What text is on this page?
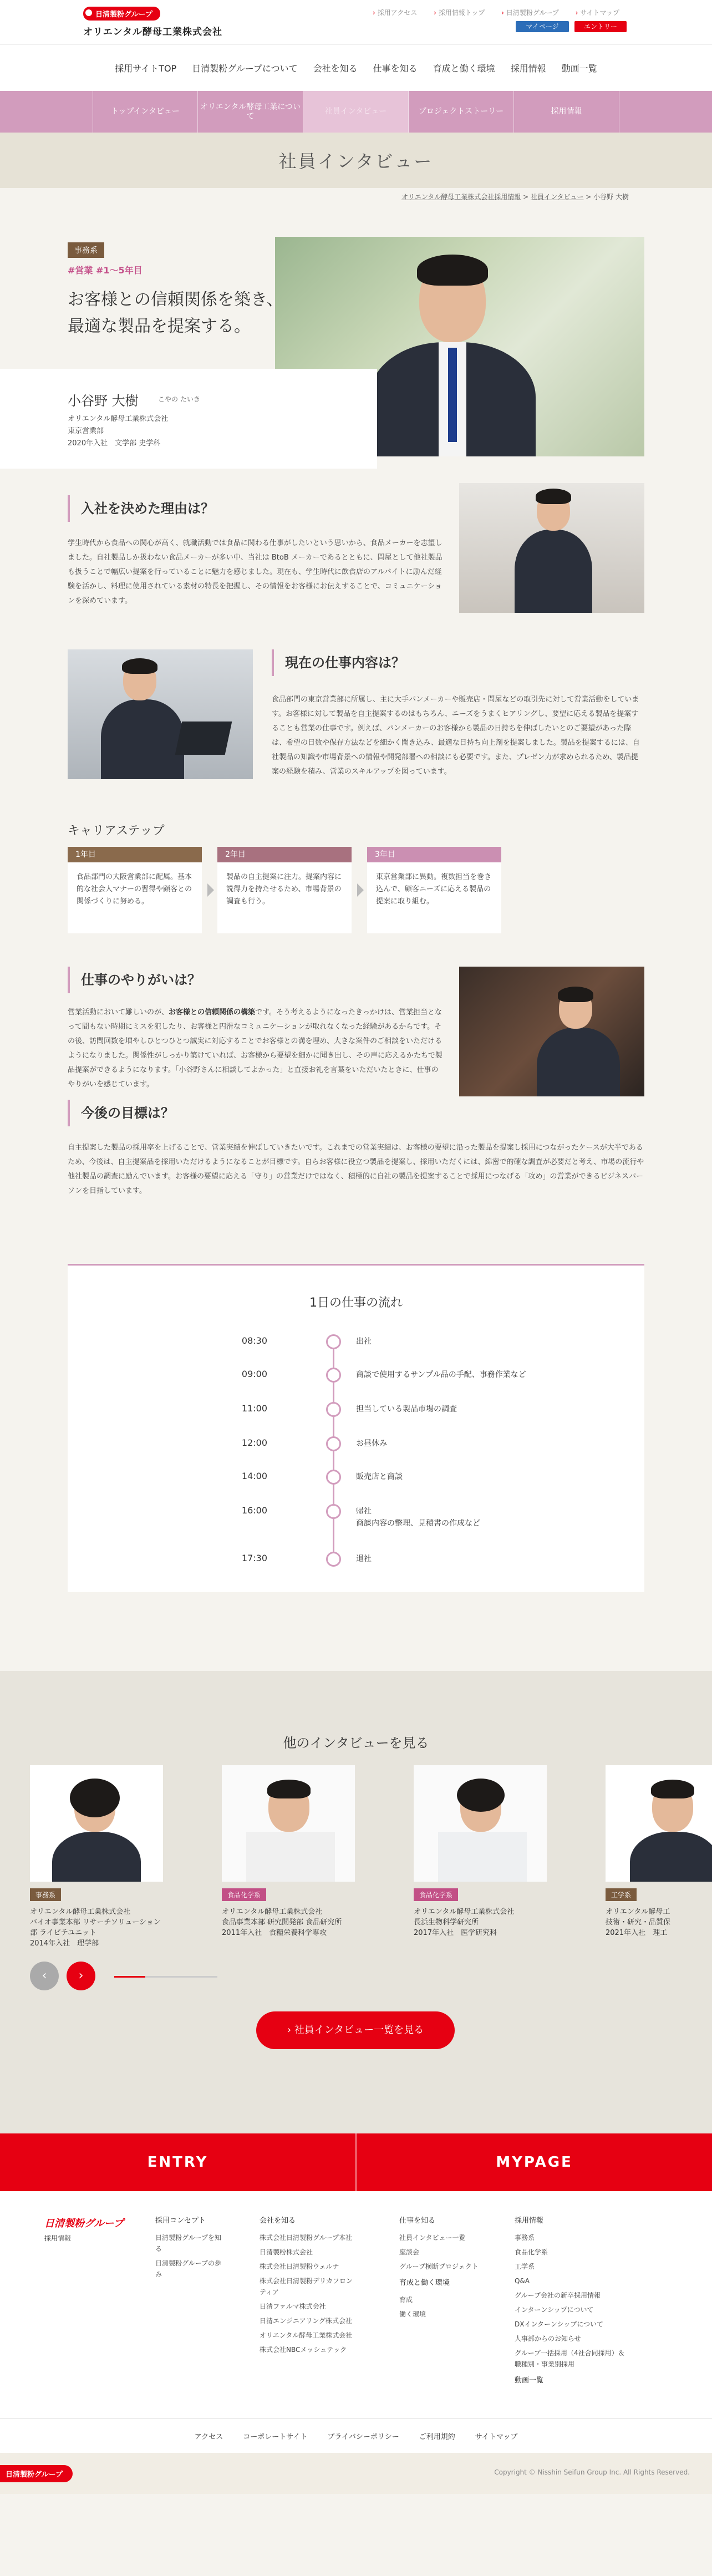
日清製粉グループ
オリエンタル酵母工業株式会社
› 採用アクセス	› 採用情報トップ	› 日清製粉グループ	› サイトマップ
マイページ	エントリー
採用サイトTOP	日清製粉グループについて	会社を知る	仕事を知る	育成と働く環境	採用情報	動画一覧
トップインタビュー
オリエンタル酵母工業について
社員インタビュー	プロジェクトストーリー	採用情報
社員インタビュー
オリエンタル酵母工業株式会社採用情報 > 社員インタビュー > 小谷野 大樹
事務系
#営業 #1〜5年目
お客様との信頼関係を築き、
最適な製品を提案する。
小谷野 大樹	こやの たいき
オリエンタル酵母工業株式会社
東京営業部
2020年入社　文学部 史学科
入社を決めた理由は？

学生時代から食品への関心が高く、就職活動では食品に関わる仕事がしたいという思いから、食品メーカーを志望しました。自社製品しか扱わない食品メーカーが多い中、当社は BtoB メーカーであるとともに、問屋として他社製品も扱うことで幅広い提案を行っていることに魅力を感じました。現在も、学生時代に飲食店のアルバイトに励んだ経験を活かし、料理に使用されている素材の特長を把握し、その情報をお客様にお伝えすることで、コミュニケーションを深めています。

現在の仕事内容は？

食品部門の東京営業部に所属し、主に大手パンメーカーや販売店・問屋などの取引先に対して営業活動をしています。お客様に対して製品を自主提案するのはもちろん、ニーズをうまくヒアリングし、要望に応える製品を提案することも営業の仕事です。例えば、パンメーカーのお客様から製品の日持ちを伸ばしたいとのご要望があった際は、希望の日数や保存方法などを細かく聞き込み、最適な日持ち向上剤を提案しました。製品を提案するには、自社製品の知識や市場背景への情報や開発部署への相談にも必要です。また、プレゼン力が求められるため、製品提案の経験を積み、営業のスキルアップを図っています。

キャリアステップ
1年目
食品部門の大阪営業部に配属。基本的な社会人マナーの習得や顧客との関係づくりに努める。
2年目
製品の自主提案に注力。提案内容に説得力を持たせるため、市場背景の調査も行う。
3年目
東京営業部に異動。複数担当を巻き込んで、顧客ニーズに応える製品の提案に取り組む。
仕事のやりがいは？

営業活動において難しいのが、お客様との信頼関係の構築です。そう考えるようになったきっかけは、営業担当となって間もない時期にミスを犯したり、お客様と円滑なコミュニケーションが取れなくなった経験があるからです。その後、訪問回数を増やしひとつひとつ誠実に対応することでお客様との溝を埋め、大きな案件のご相談をいただけるようになりました。関係性がしっかり築けていれば、お客様から要望を細かに聞き出し、その声に応えるかたちで製品提案ができるようになります。「小谷野さんに相談してよかった」と直接お礼を言葉をいただいたときに、仕事のやりがいを感じています。

今後の目標は？

自主提案した製品の採用率を上げることで、営業実績を伸ばしていきたいです。これまでの営業実績は、お客様の要望に沿った製品を提案し採用につながったケースが大半であるため、今後は、自主提案品を採用いただけるようになることが目標です。自らお客様に役立つ製品を提案し、採用いただくには、綿密で的確な調査が必要だと考え、市場の流行や他社製品の調査に励んでいます。お客様の要望に応える「守り」の営業だけではなく、積極的に自社の製品を提案することで採用につなげる「攻め」の営業ができるビジネスパーソンを目指しています。

1日の仕事の流れ
08:30	出社
09:00	商談で使用するサンプル品の手配、事務作業など
11:00	担当している製品市場の調査
12:00	お昼休み
14:00	販売店と商談
16:00	帰社
商談内容の整理、見積書の作成など
17:30	退社
他のインタビューを見る
事務系
オリエンタル酵母工業株式会社
バイオ事業本部 リサーチソリューション部 ライビテユニット
2014年入社　理学部
食品化学系
オリエンタル酵母工業株式会社
食品事業本部 研究開発部 食品研究所
2011年入社　食糧栄養科学専攻
食品化学系
オリエンタル酵母工業株式会社
長浜生物科学研究所
2017年入社　医学研究科
工学系
オリエンタル酵母工
技術・研究・品質保
2021年入社　理工
‹	›
› 社員インタビュー一覧を見る
ENTRY	MYPAGE
日清製粉グループ
採用情報
採用コンセプト
日清製粉グループを知る
日清製粉グループの歩み
会社を知る
株式会社日清製粉グループ本社
日清製粉株式会社
株式会社日清製粉ウェルナ
株式会社日清製粉デリカフロンティア
日清ファルマ株式会社
日清エンジニアリング株式会社
オリエンタル酵母工業株式会社
株式会社NBCメッシュテック
仕事を知る
社員インタビュー一覧
座談会
グループ横断プロジェクト
育成と働く環境
育成
働く環境
採用情報
事務系
食品化学系
工学系
Q&A
グループ会社の新卒採用情報
インターンシップについて
DXインターンシップについて
人事部からのお知らせ
グループ一括採用（4社合同採用）＆職種別・事業別採用
動画一覧
アクセス	コーポレートサイト	プライバシーポリシー	ご利用規約	サイトマップ
日清製粉グループ	Copyright © Nisshin Seifun Group Inc. All Rights Reserved.
